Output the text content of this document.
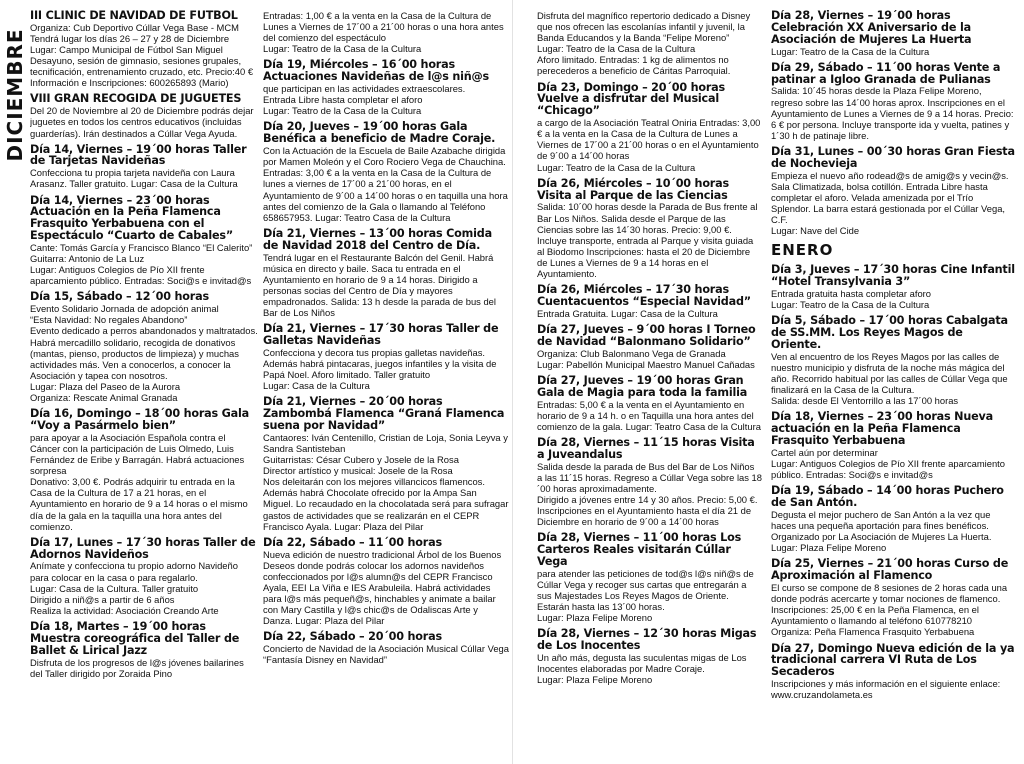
DICIEMBRE
III CLINIC DE NAVIDAD DE FÚTBOL
Organiza: Cub Deportivo Cúllar Vega Base - MCM
Tendrá lugar los días 26 – 27 y 28 de Diciembre
Lugar: Campo Municipal de Fútbol San Miguel
Desayuno, sesión de gimnasio, sesiones grupales, tecnificación, entrenamiento cruzado, etc. Precio:40 €
Información e Inscripciones: 600265893 (Mario)
VIII GRAN RECOGIDA DE JUGUETES
Del 20 de Noviembre al 20 de Diciembre podrás dejar juguetes en todos los centros educativos (incluidas guarderías). Irán destinados a Cúllar Vega Ayuda.
Día 14, Viernes – 19´00 horas Taller de Tarjetas Navideñas
Confecciona tu propia tarjeta navideña con Laura Arasanz. Taller gratuito. Lugar: Casa de la Cultura
Día 14, Viernes – 23´00 horas Actuación en la Peña Flamenca Frasquito Yerbabuena con el Espectáculo “Cuarto de Cabales”
Cante: Tomás García y Francisco Blanco “El Calerito”
Guitarra: Antonio de La Luz
Lugar: Antiguos Colegios de Pío XII frente aparcamiento público. Entradas: Soci@s e invitad@s
Día 15, Sábado – 12´00 horas
Evento Solidario Jornada de adopción animal
“Esta Navidad: No regales Abandono”
Evento dedicado a perros abandonados y maltratados. Habrá mercadillo solidario, recogida de donativos (mantas, pienso, productos de limpieza) y muchas actividades más. Ven a conocerlos, a conocer la Asociación y tapea con nosotros.
Lugar: Plaza del Paseo de la Aurora
Organiza: Rescate Animal Granada
Día 16, Domingo – 18´00 horas Gala “Voy a Pasármelo bien”
para apoyar a la Asociación Española contra el Cáncer con la participación de Luis Olmedo, Luis Fernández de Eribe y Barragán. Habrá actuaciones sorpresa
Donativo: 3,00 €. Podrás adquirir tu entrada en la Casa de la Cultura de 17 a 21 horas, en el Ayuntamiento en horario de 9 a 14 horas o el mismo día de la gala en la taquilla una hora antes del comienzo.
Día 17, Lunes – 17´30 horas Taller de Adornos Navideños
Anímate y confecciona tu propio adorno Navideño para colocar en la casa o para regalarlo.
Lugar: Casa de la Cultura. Taller gratuito
Dirigido a niñ@s a partir de 6 años
Realiza la actividad: Asociación Creando Arte
Día 18, Martes – 19´00 horas Muestra coreográfica del Taller de Ballet & Lirical Jazz
Disfruta de los progresos de l@s jóvenes bailarines del Taller dirigido por Zoraida Pino
Entradas: 1,00 € a la venta en la Casa de la Cultura de Lunes a Viernes de 17´00 a 21´00 horas o una hora antes del comienzo del espectáculo
Lugar: Teatro de la Casa de la Cultura
Día 19, Miércoles – 16´00 horas Actuaciones Navideñas de l@s niñ@s
que participan en las actividades extraescolares.
Entrada Libre hasta completar el aforo
Lugar: Teatro de la Casa de la Cultura
Día 20, Jueves – 19´00 horas Gala Benéfica a beneficio de Madre Coraje.
Con la Actuación de la Escuela de Baile Azabache dirigida por Mamen Moleón y el Coro Rociero Vega de Chauchina. Entradas: 3,00 € a la venta en la Casa de la Cultura de lunes a viernes de 17´00 a 21´00 horas, en el Ayuntamiento de 9´00 a 14´00 horas o en taquilla una hora antes del comienzo de la Gala o llamando al Teléfono 658657953. Lugar: Teatro Casa de la Cultura
Día 21, Viernes – 13´00 horas Comida de Navidad 2018 del Centro de Día.
Tendrá lugar en el Restaurante Balcón del Genil. Habrá música en directo y baile. Saca tu entrada en el Ayuntamiento en horario de 9 a 14 horas. Dirigido a personas socias del Centro de Día y mayores empadronados. Salida: 13 h desde la parada de bus del Bar de Los Niños
Día 21, Viernes – 17´30 horas Taller de Galletas Navideñas
Confecciona y decora tus propias galletas navideñas. Además habrá pintacaras, juegos infantiles y la visita de Papá Noel. Aforo limitado. Taller gratuito
Lugar: Casa de la Cultura
Día 21, Viernes – 20´00 horas Zambombá Flamenca “Graná Flamenca suena por Navidad”
Cantaores: Iván Centenillo, Cristian de Loja, Sonia Leyva y Sandra Santisteban
Guitarristas: César Cubero y Josele de la Rosa
Director artístico y musical: Josele de la Rosa
Nos deleitarán con los mejores villancicos flamencos. Además habrá Chocolate ofrecido por la Ampa San Miguel. Lo recaudado en la chocolatada será para sufragar gastos de actividades que se realizarán en el CEPR Francisco Ayala. Lugar: Plaza del Pilar
Día 22, Sábado – 11´00 horas
Nueva edición de nuestro tradicional Árbol de los Buenos Deseos donde podrás colocar los adornos navideños confeccionados por l@s alumn@s del CEPR Francisco Ayala, EEI La Viña e IES Arabuleila. Habrá actividades para l@s más pequeñ@s, hinchables y animate a bailar con Mary Castilla y l@s chic@s de Odaliscas Arte y Danza. Lugar: Plaza del Pilar
Día 22, Sábado – 20´00 horas
Concierto de Navidad de la Asociación Musical Cúllar Vega
“Fantasía Disney en Navidad”
Disfruta del magnífico repertorio dedicado a Disney que nos ofrecen las escolanías infantil y juvenil, la Banda Educandos y la Banda “Felipe Moreno”
Lugar: Teatro de la Casa de la Cultura
Aforo limitado. Entradas: 1 kg de alimentos no perecederos a beneficio de Cáritas Parroquial.
Día 23, Domingo – 20´00 horas Vuelve a disfrutar del Musical “Chicago”
a cargo de la Asociación Teatral Oniria Entradas: 3,00 € a la venta en la Casa de la Cultura de Lunes a Viernes de 17´00 a 21´00 horas o en el Ayuntamiento de 9´00 a 14´00 horas
Lugar: Teatro de la Casa de la Cultura
Día 26, Miércoles – 10´00 horas Visita al Parque de las Ciencias
Salida: 10´00 horas desde la Parada de Bus frente al Bar Los Niños. Salida desde el Parque de las Ciencias sobre las 14´30 horas. Precio: 9,00 €. Incluye transporte, entrada al Parque y visita guiada al Biodomo Inscripciones: hasta el 20 de Diciembre de Lunes a Viernes de 9 a 14 horas en el Ayuntamiento.
Día 26, Miércoles – 17´30 horas Cuentacuentos “Especial Navidad”
Entrada Gratuita. Lugar: Casa de la Cultura
Día 27, Jueves – 9´00 horas I Torneo de Navidad “Balonmano Solidario”
Organiza: Club Balonmano Vega de Granada
Lugar: Pabellón Municipal Maestro Manuel Cañadas
Día 27, Jueves – 19´00 horas Gran Gala de Magia para toda la familia
Entradas: 5,00 € a la venta en el Ayuntamiento en horario de 9 a 14 h. o en Taquilla una hora antes del comienzo de la gala. Lugar: Teatro Casa de la Cultura
Día 28, Viernes – 11´15 horas Visita a Juveandalus
Salida desde la parada de Bus del Bar de Los Niños a las 11´15 horas. Regreso a Cúllar Vega sobre las 18´00 horas aproximadamente.
Dirigido a jóvenes entre 14 y 30 años. Precio: 5,00 €. Inscripciones en el Ayuntamiento hasta el día 21 de Diciembre en horario de 9´00 a 14´00 horas
Día 28, Viernes – 11´00 horas Los Carteros Reales visitarán Cúllar Vega
para atender las peticiones de tod@s l@s niñ@s de Cúllar Vega y recoger sus cartas que entregarán a sus Majestades Los Reyes Magos de Oriente. Estarán hasta las 13´00 horas.
Lugar: Plaza Felipe Moreno
Día 28, Viernes – 12´30 horas Migas de Los Inocentes
Un año más, degusta las suculentas migas de Los Inocentes elaboradas por Madre Coraje.
Lugar: Plaza Felipe Moreno
Día 28, Viernes – 19´00 horas Celebración XX Aniversario de la Asociación de Mujeres La Huerta
Lugar: Teatro de la Casa de la Cultura
Día 29, Sábado – 11´00 horas Vente a patinar a Igloo Granada de Pulianas
Salida: 10´45 horas desde la Plaza Felipe Moreno, regreso sobre las 14´00 horas aprox. Inscripciones en el Ayuntamiento de Lunes a Viernes de 9 a 14 horas. Precio: 6 € por persona. Incluye transporte ida y vuelta, patines y 1´30 h de patinaje libre.
Día 31, Lunes – 00´30 horas Gran Fiesta de Nochevieja
Empieza el nuevo año rodead@s de amig@s y vecin@s. Sala Climatizada, bolsa cotillón. Entrada Libre hasta completar el aforo. Velada amenizada por el Trío Splendor. La barra estará gestionada por el Cúllar Vega, C.F.
Lugar: Nave del Cide
ENERO
Día 3, Jueves – 17´30 horas Cine Infantil “Hotel Transylvania 3”
Entrada gratuita hasta completar aforo
Lugar: Teatro de la Casa de la Cultura
Día 5, Sábado – 17´00 horas Cabalgata de SS.MM. Los Reyes Magos de Oriente.
Ven al encuentro de los Reyes Magos por las calles de nuestro municipio y disfruta de la noche más mágica del año. Recorrido habitual por las calles de Cúllar Vega que finalizará en la Casa de la Cultura.
Salida: desde El Ventorrillo a las 17´00 horas
Día 18, Viernes – 23´00 horas Nueva actuación en la Peña Flamenca Frasquito Yerbabuena
Cartel aún por determinar
Lugar: Antiguos Colegios de Pío XII frente aparcamiento público. Entradas: Soci@s e invitad@s
Día 19, Sábado – 14´00 horas Puchero de San Antón.
Degusta el mejor puchero de San Antón a la vez que haces una pequeña aportación para fines benéficos. Organizado por La Asociación de Mujeres La Huerta. Lugar: Plaza Felipe Moreno
Día 25, Viernes – 21´00 horas Curso de Aproximación al Flamenco
El curso se compone de 8 sesiones de 2 horas cada una donde podrás acercarte y tomar nociones de flamenco. Inscripciones: 25,00 € en la Peña Flamenca, en el Ayuntamiento o llamando al teléfono 610778210
Organiza: Peña Flamenca Frasquito Yerbabuena
Día 27, Domingo Nueva edición de la ya tradicional carrera VI Ruta de Los Secaderos
Inscripciones y más información en el siguiente enlace: www.cruzandolameta.es
